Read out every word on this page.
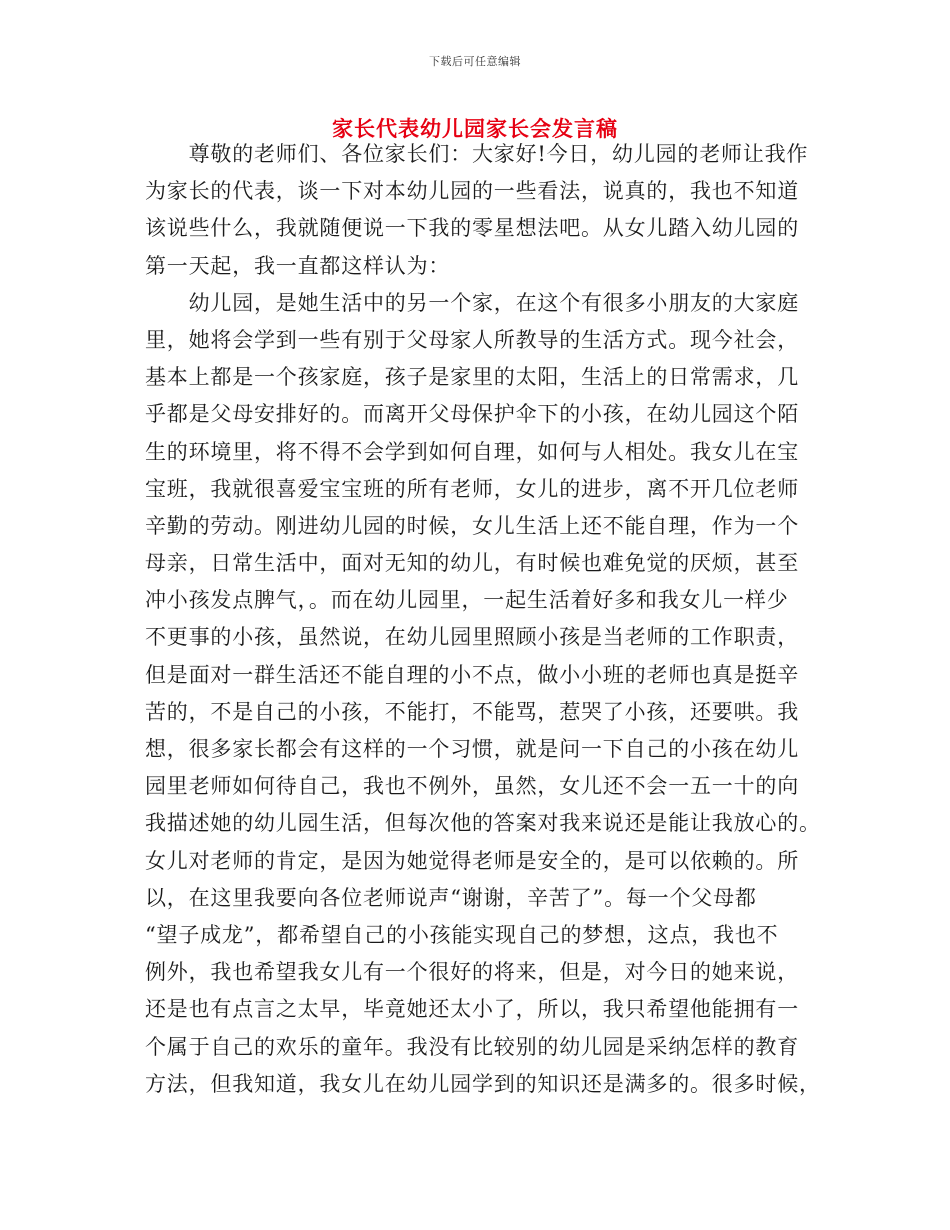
下载后可任意编辑
家长代表幼儿园家长会发言稿
　　尊敬的老师们、各位家长们：大家好!今日，幼儿园的老师让我作
为家长的代表，谈一下对本幼儿园的一些看法，说真的，我也不知道
该说些什么，我就随便说一下我的零星想法吧。从女儿踏入幼儿园的
第一天起，我一直都这样认为：
　　幼儿园，是她生活中的另一个家，在这个有很多小朋友的大家庭
里，她将会学到一些有别于父母家人所教导的生活方式。现今社会，
基本上都是一个孩家庭，孩子是家里的太阳，生活上的日常需求，几
乎都是父母安排好的。而离开父母保护伞下的小孩，在幼儿园这个陌
生的环境里，将不得不会学到如何自理，如何与人相处。我女儿在宝
宝班，我就很喜爱宝宝班的所有老师，女儿的进步，离不开几位老师
辛勤的劳动。刚进幼儿园的时候，女儿生活上还不能自理，作为一个
母亲，日常生活中，面对无知的幼儿，有时候也难免觉的厌烦，甚至
冲小孩发点脾气，。而在幼儿园里，一起生活着好多和我女儿一样少
不更事的小孩，虽然说，在幼儿园里照顾小孩是当老师的工作职责，
但是面对一群生活还不能自理的小不点，做小小班的老师也真是挺辛
苦的，不是自己的小孩，不能打，不能骂，惹哭了小孩，还要哄。我
想，很多家长都会有这样的一个习惯，就是问一下自己的小孩在幼儿
园里老师如何待自己，我也不例外，虽然，女儿还不会一五一十的向
我描述她的幼儿园生活，但每次他的答案对我来说还是能让我放心的。
女儿对老师的肯定，是因为她觉得老师是安全的，是可以依赖的。所
以，在这里我要向各位老师说声“谢谢，辛苦了”。每一个父母都
“望子成龙”，都希望自己的小孩能实现自己的梦想，这点，我也不
例外，我也希望我女儿有一个很好的将来，但是，对今日的她来说，
还是也有点言之太早，毕竟她还太小了，所以，我只希望他能拥有一
个属于自己的欢乐的童年。我没有比较别的幼儿园是采纳怎样的教育
方法，但我知道，我女儿在幼儿园学到的知识还是满多的。很多时候，
